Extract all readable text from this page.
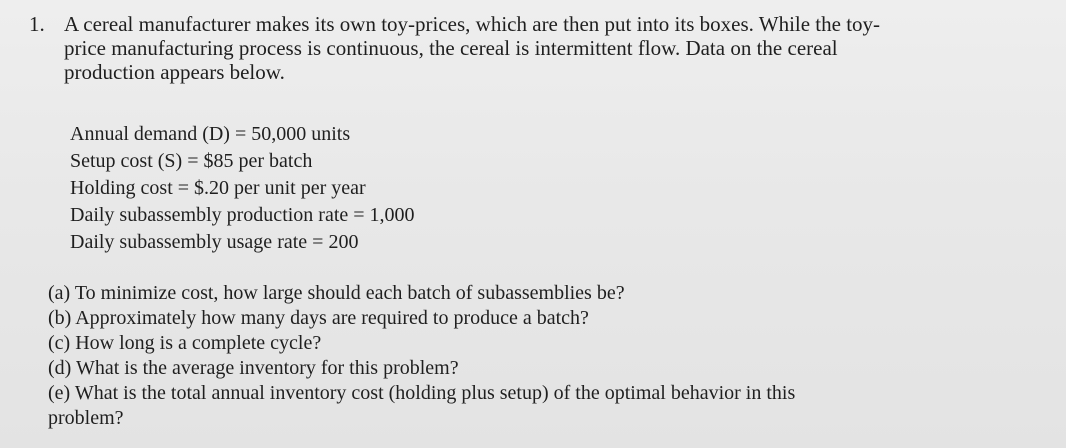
1. A cereal manufacturer makes its own toy-prices, which are then put into its boxes. While the toy-
price manufacturing process is continuous, the cereal is intermittent flow. Data on the cereal
production appears below.

Annual demand (D) = 50,000 units
Setup cost (S) = $85 per batch
Holding cost = $.20 per unit per year
Daily subassembly production rate = 1,000
Daily subassembly usage rate = 200
(a) To minimize cost, how large should each batch of subassemblies be?
(b) Approximately how many days are required to produce a batch?
(c) How long is a complete cycle?
(d) What is the average inventory for this problem?
(e) What is the total annual inventory cost (holding plus setup) of the optimal behavior in this
problem?
